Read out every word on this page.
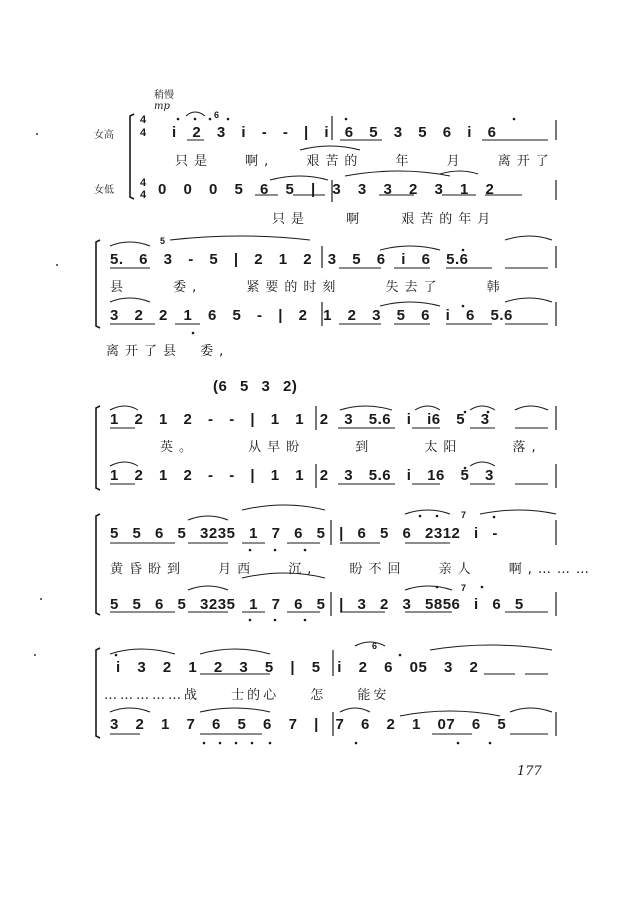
稍慢
mp
女高
女低
4
4
4
4
6
5
7
6
7
i 2 3 i - - | i 6 5 3 5 6 i 6
只是 啊, 艰苦的 年 月 离开了
0 0 0 5 6 5 | 3 3 3 2 3 1 2
只是 啊 艰苦的年月
5. 6 3 - 5 | 2 1 2 3 5 6 i 6 5.6
县 委, 紧要的时刻 失去了 韩
3 2 2 1 6 5 - | 2 1 2 3 5 6 i 6 5.6
离开了县 委,
(6 5 3 2)
1 2 1 2 - - | 1 1 2 3 5.6 i i6 5 3
英。 从早盼 到 太阳 落,
1 2 1 2 - - | 1 1 2 3 5.6 i 16 5 3
5 5 6 5 3235 1 7 6 5 | 6 5 6 2312 i -
黄昏盼到 月西 沉, 盼不回 亲人 啊,………
5 5 6 5 3235 1 7 6 5 | 3 2 3 5856 i 6 5
i 3 2 1 2 3 5 | 5 i 2 6 05 3 2
……………战 士的心 怎 能安
3 2 1 7 6 5 6 7 | 7 6 2 1 07 6 5
177
